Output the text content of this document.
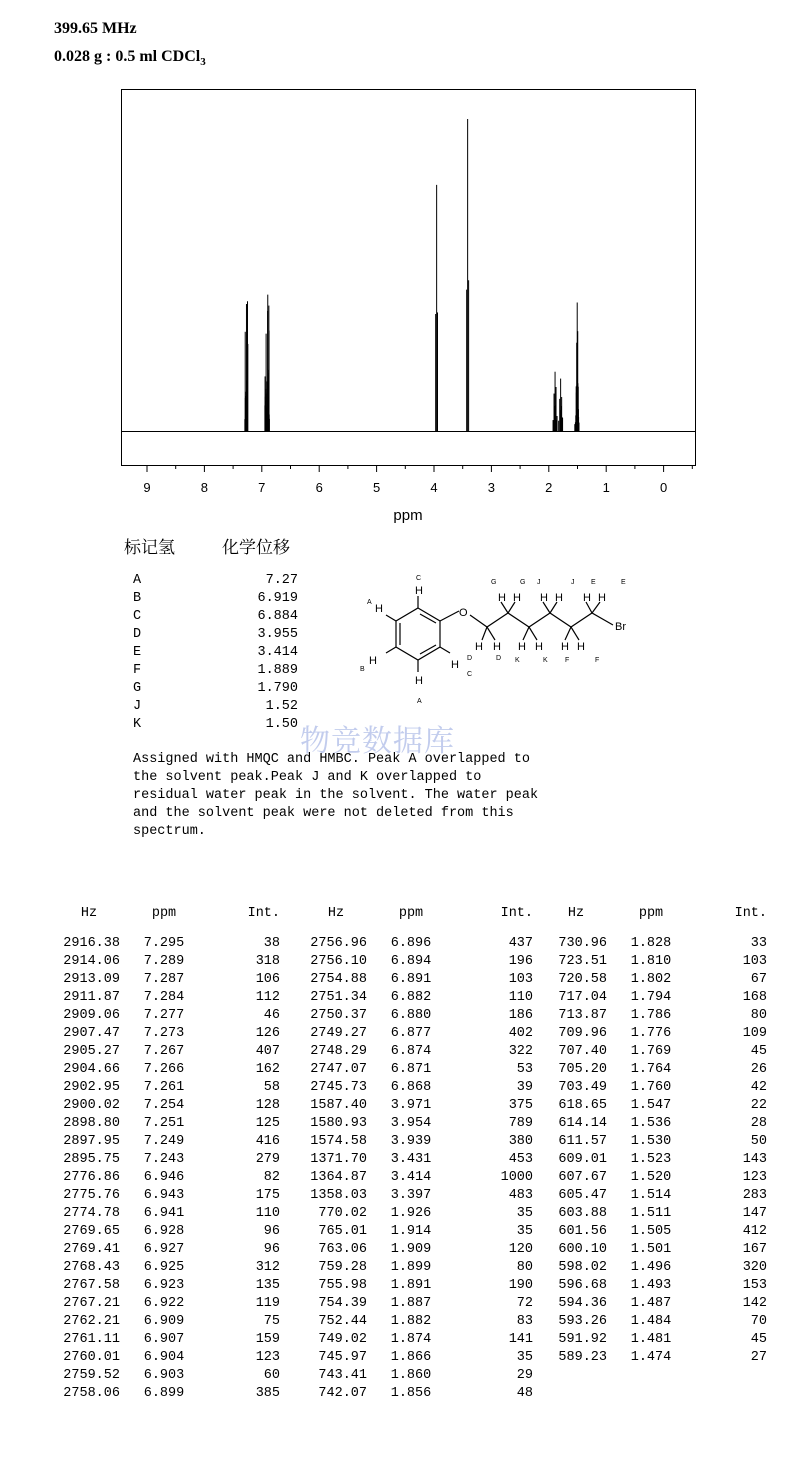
399.65 MHz
0.028 g : 0.5 ml CDCl$_3$
9	8	7	6	5	4	3	2	1	0
ppm
标记氢	化学位移
A	7.27
B	6.919
C	6.884
D	3.955
E	3.414
F	1.889
G	1.790
J	1.52
K	1.50
O
Br
H
H
H
H
H
H H
H H
H H
H H
H H
H H
C
A
B
A
C
D	D
G	G
K	K
J	J
F	F
E	E
物竞数据库
Assigned with HMQC and HMBC. Peak A overlapped to
the solvent peak.Peak J and K overlapped to
residual water peak in the solvent. The water peak
and the solvent peak were not deleted from this
spectrum.
Hz	ppm	Int.

2916.38	7.295	38
2914.06	7.289	318
2913.09	7.287	106
2911.87	7.284	112
2909.06	7.277	46
2907.47	7.273	126
2905.27	7.267	407
2904.66	7.266	162
2902.95	7.261	58
2900.02	7.254	128
2898.80	7.251	125
2897.95	7.249	416
2895.75	7.243	279
2776.86	6.946	82
2775.76	6.943	175
2774.78	6.941	110
2769.65	6.928	96
2769.41	6.927	96
2768.43	6.925	312
2767.58	6.923	135
2767.21	6.922	119
2762.21	6.909	75
2761.11	6.907	159
2760.01	6.904	123
2759.52	6.903	60
2758.06	6.899	385
Hz	ppm	Int.

2756.96	6.896	437
2756.10	6.894	196
2754.88	6.891	103
2751.34	6.882	110
2750.37	6.880	186
2749.27	6.877	402
2748.29	6.874	322
2747.07	6.871	53
2745.73	6.868	39
1587.40	3.971	375
1580.93	3.954	789
1574.58	3.939	380
1371.70	3.431	453
1364.87	3.414	1000
1358.03	3.397	483
770.02	1.926	35
765.01	1.914	35
763.06	1.909	120
759.28	1.899	80
755.98	1.891	190
754.39	1.887	72
752.44	1.882	83
749.02	1.874	141
745.97	1.866	35
743.41	1.860	29
742.07	1.856	48
Hz	ppm	Int.

730.96	1.828	33
723.51	1.810	103
720.58	1.802	67
717.04	1.794	168
713.87	1.786	80
709.96	1.776	109
707.40	1.769	45
705.20	1.764	26
703.49	1.760	42
618.65	1.547	22
614.14	1.536	28
611.57	1.530	50
609.01	1.523	143
607.67	1.520	123
605.47	1.514	283
603.88	1.511	147
601.56	1.505	412
600.10	1.501	167
598.02	1.496	320
596.68	1.493	153
594.36	1.487	142
593.26	1.484	70
591.92	1.481	45
589.23	1.474	27
